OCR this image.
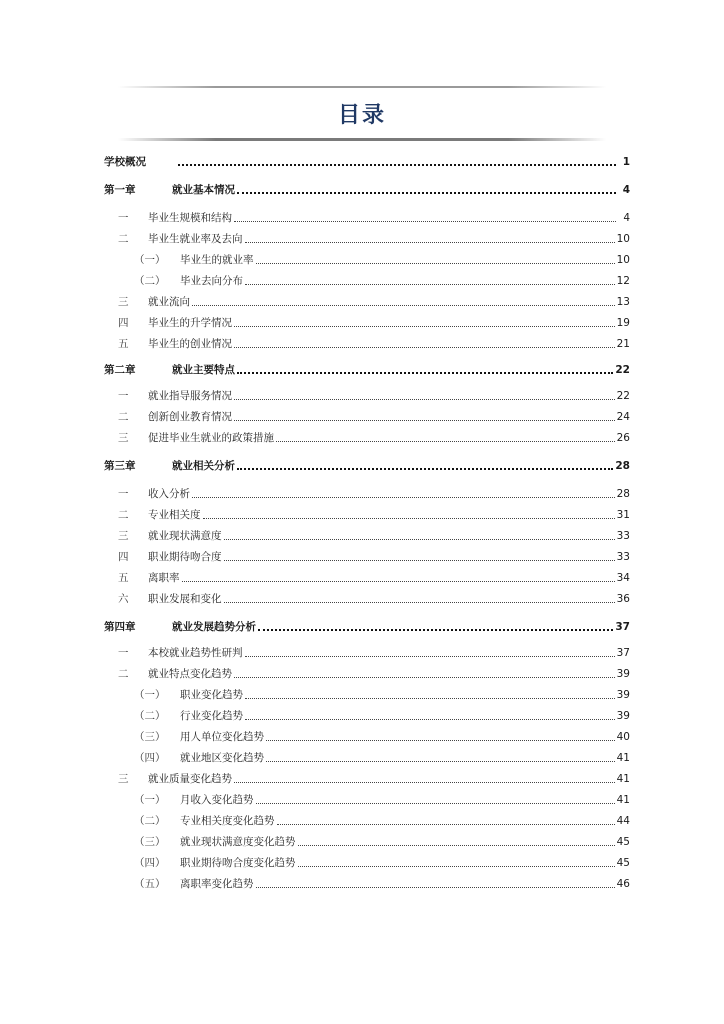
目录
学校概况	1
第一章	就业基本情况	4
一	毕业生规模和结构	4
二	毕业生就业率及去向	10
（一）	毕业生的就业率	10
（二）	毕业去向分布	12
三	就业流向	13
四	毕业生的升学情况	19
五	毕业生的创业情况	21
第二章	就业主要特点	22
一	就业指导服务情况	22
二	创新创业教育情况	24
三	促进毕业生就业的政策措施	26
第三章	就业相关分析	28
一	收入分析	28
二	专业相关度	31
三	就业现状满意度	33
四	职业期待吻合度	33
五	离职率	34
六	职业发展和变化	36
第四章	就业发展趋势分析	37
一	本校就业趋势性研判	37
二	就业特点变化趋势	39
（一）	职业变化趋势	39
（二）	行业变化趋势	39
（三）	用人单位变化趋势	40
（四）	就业地区变化趋势	41
三	就业质量变化趋势	41
（一）	月收入变化趋势	41
（二）	专业相关度变化趋势	44
（三）	就业现状满意度变化趋势	45
（四）	职业期待吻合度变化趋势	45
（五）	离职率变化趋势	46
